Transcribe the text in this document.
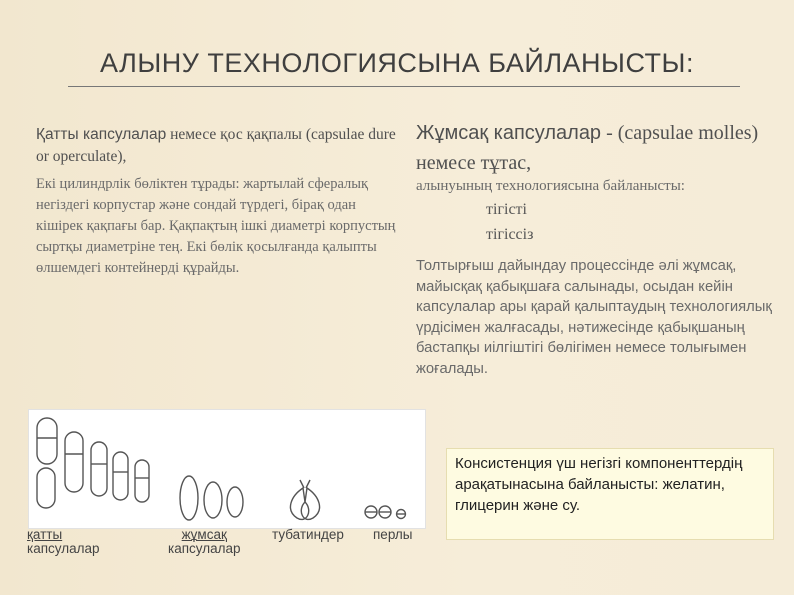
АЛЫНУ ТЕХНОЛОГИЯСЫНА БАЙЛАНЫСТЫ:
Қатты капсулалар немесе қос қақпалы (capsulae dure or operculate),
Екі цилиндрлік бөліктен тұрады: жартылай сфералық негіздегі корпустар және сондай түрдегі, бірақ одан кішірек қақпағы бар. Қақпақтың ішкі диаметрі корпустың сыртқы диаметріне тең. Екі бөлік қосылғанда қалыпты өлшемдегі контейнерді құрайды.
Жұмсақ капсулалар - (capsulae molles) немесе тұтас,
алынуының технологиясына байланысты:
тігісті
тігіссіз
Толтырғыш дайындау процессінде әлі жұмсақ, майысқақ қабықшаға салынады, осыдан кейін капсулалар ары қарай қалыптаудың технологиялық үрдісімен жалғасады, нәтижесінде қабықшаның бастапқы иілгіштігі бөлігімен немесе толығымен жоғалады.
қатты
капсулалар
жұмсақ
капсулалар
тубатиндер перлы
Консистенция үш негізгі компоненттердің арақатынасына байланысты: желатин, глицерин және су.
